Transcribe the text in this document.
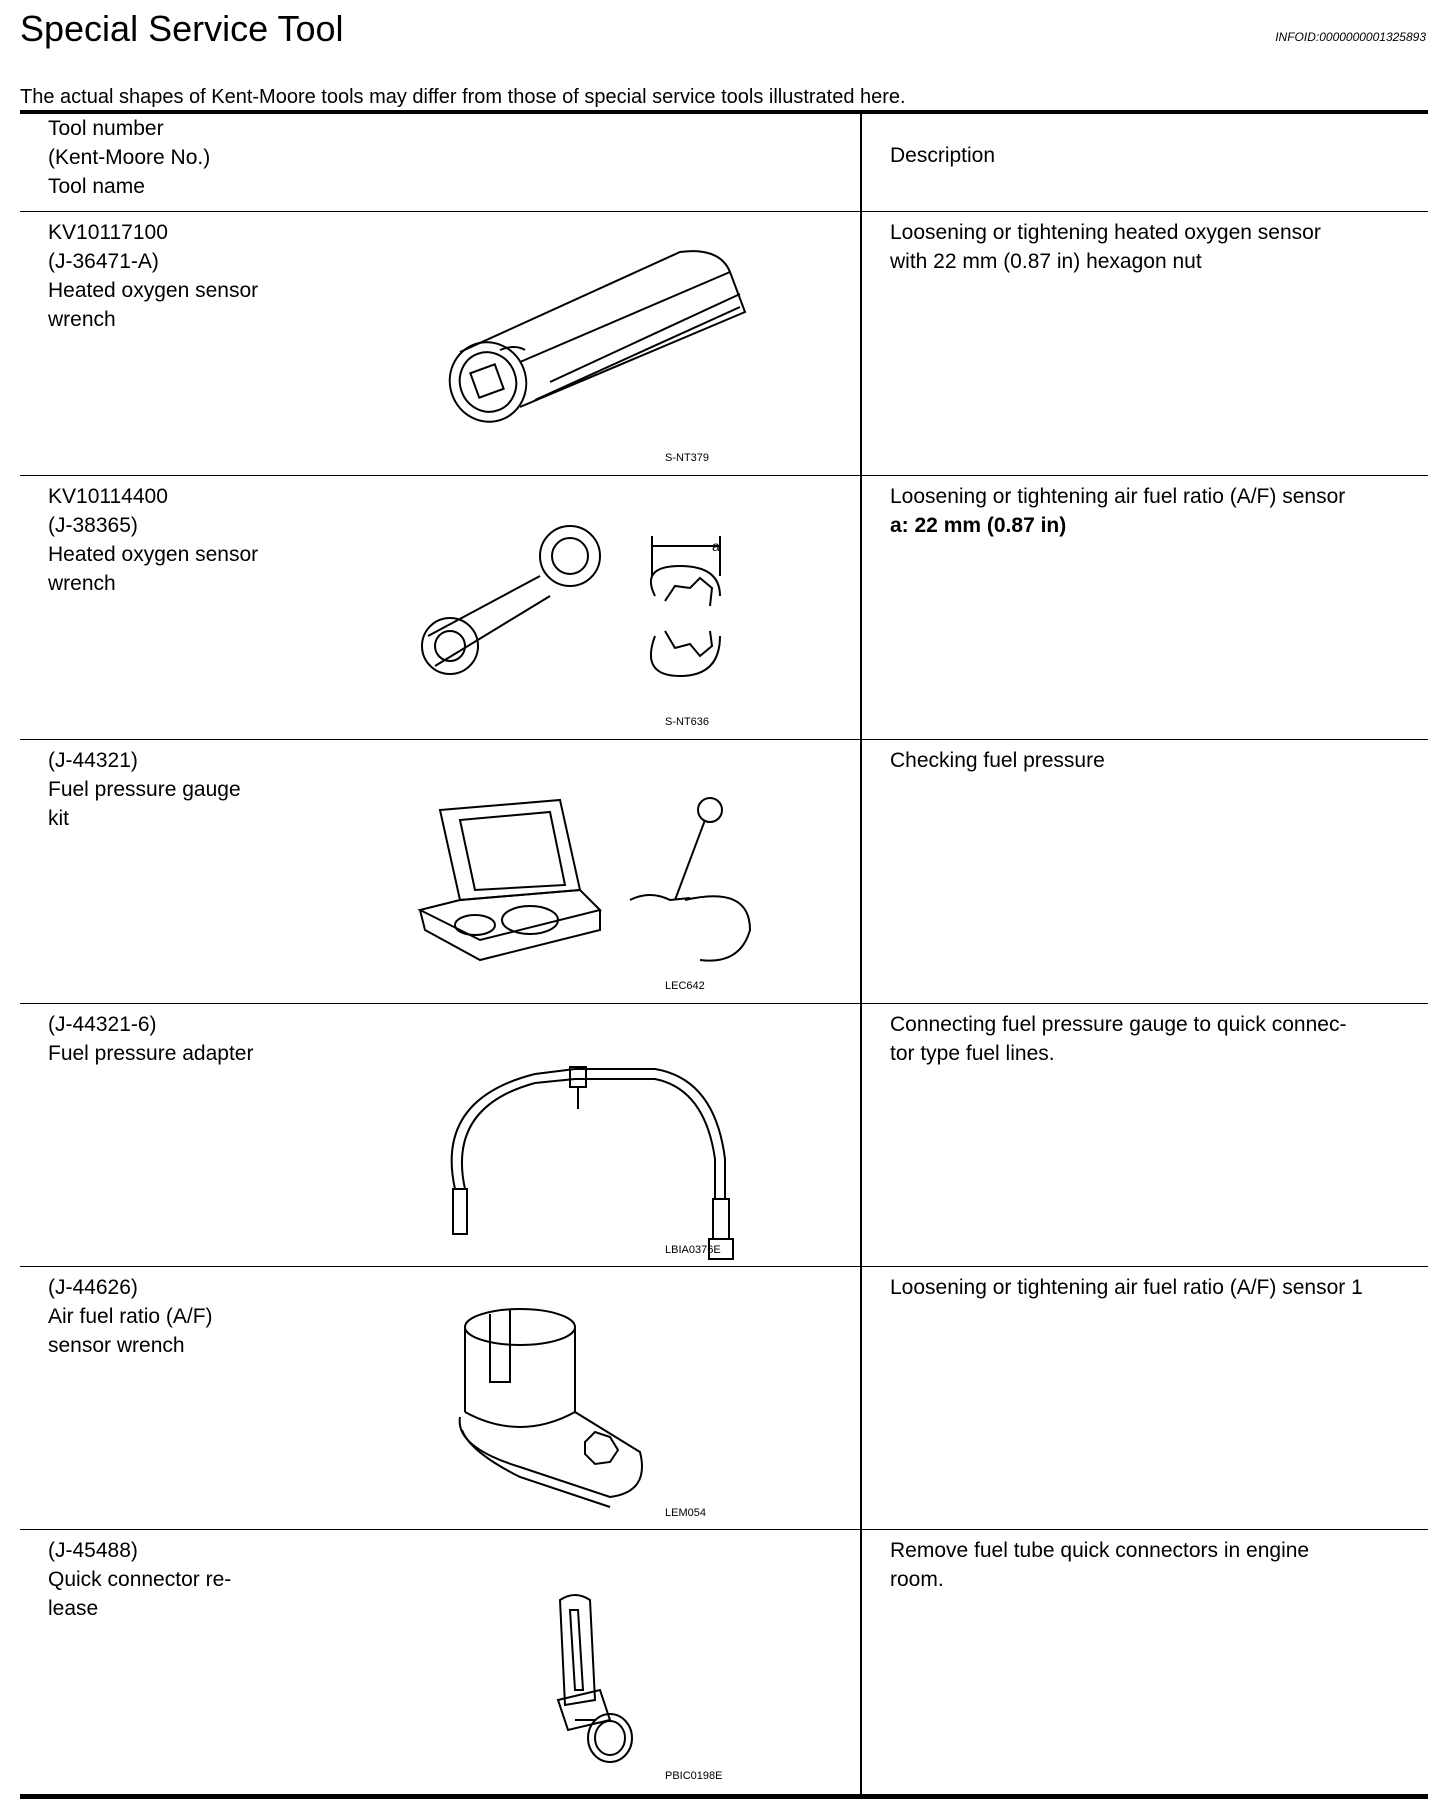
Special Service Tool	INFOID:0000000001325893
The actual shapes of Kent-Moore tools may differ from those of special service tools illustrated here.
Tool number
(Kent-Moore No.)
Tool name
Description
KV10117100
(J-36471-A)
Heated oxygen sensor
wrench
Loosening or tightening heated oxygen sensor
with 22 mm (0.87 in) hexagon nut
S-NT379
KV10114400
(J-38365)
Heated oxygen sensor
wrench
Loosening or tightening air fuel ratio (A/F) sensor
a: 22 mm (0.87 in)
a
S-NT636
(J-44321)
Fuel pressure gauge
kit
Checking fuel pressure
LEC642
(J-44321-6)
Fuel pressure adapter
Connecting fuel pressure gauge to quick connec-
tor type fuel lines.
LBIA0376E
(J-44626)
Air fuel ratio (A/F)
sensor wrench
Loosening or tightening air fuel ratio (A/F) sensor 1
LEM054
(J-45488)
Quick connector re-
lease
Remove fuel tube quick connectors in engine
room.
PBIC0198E
